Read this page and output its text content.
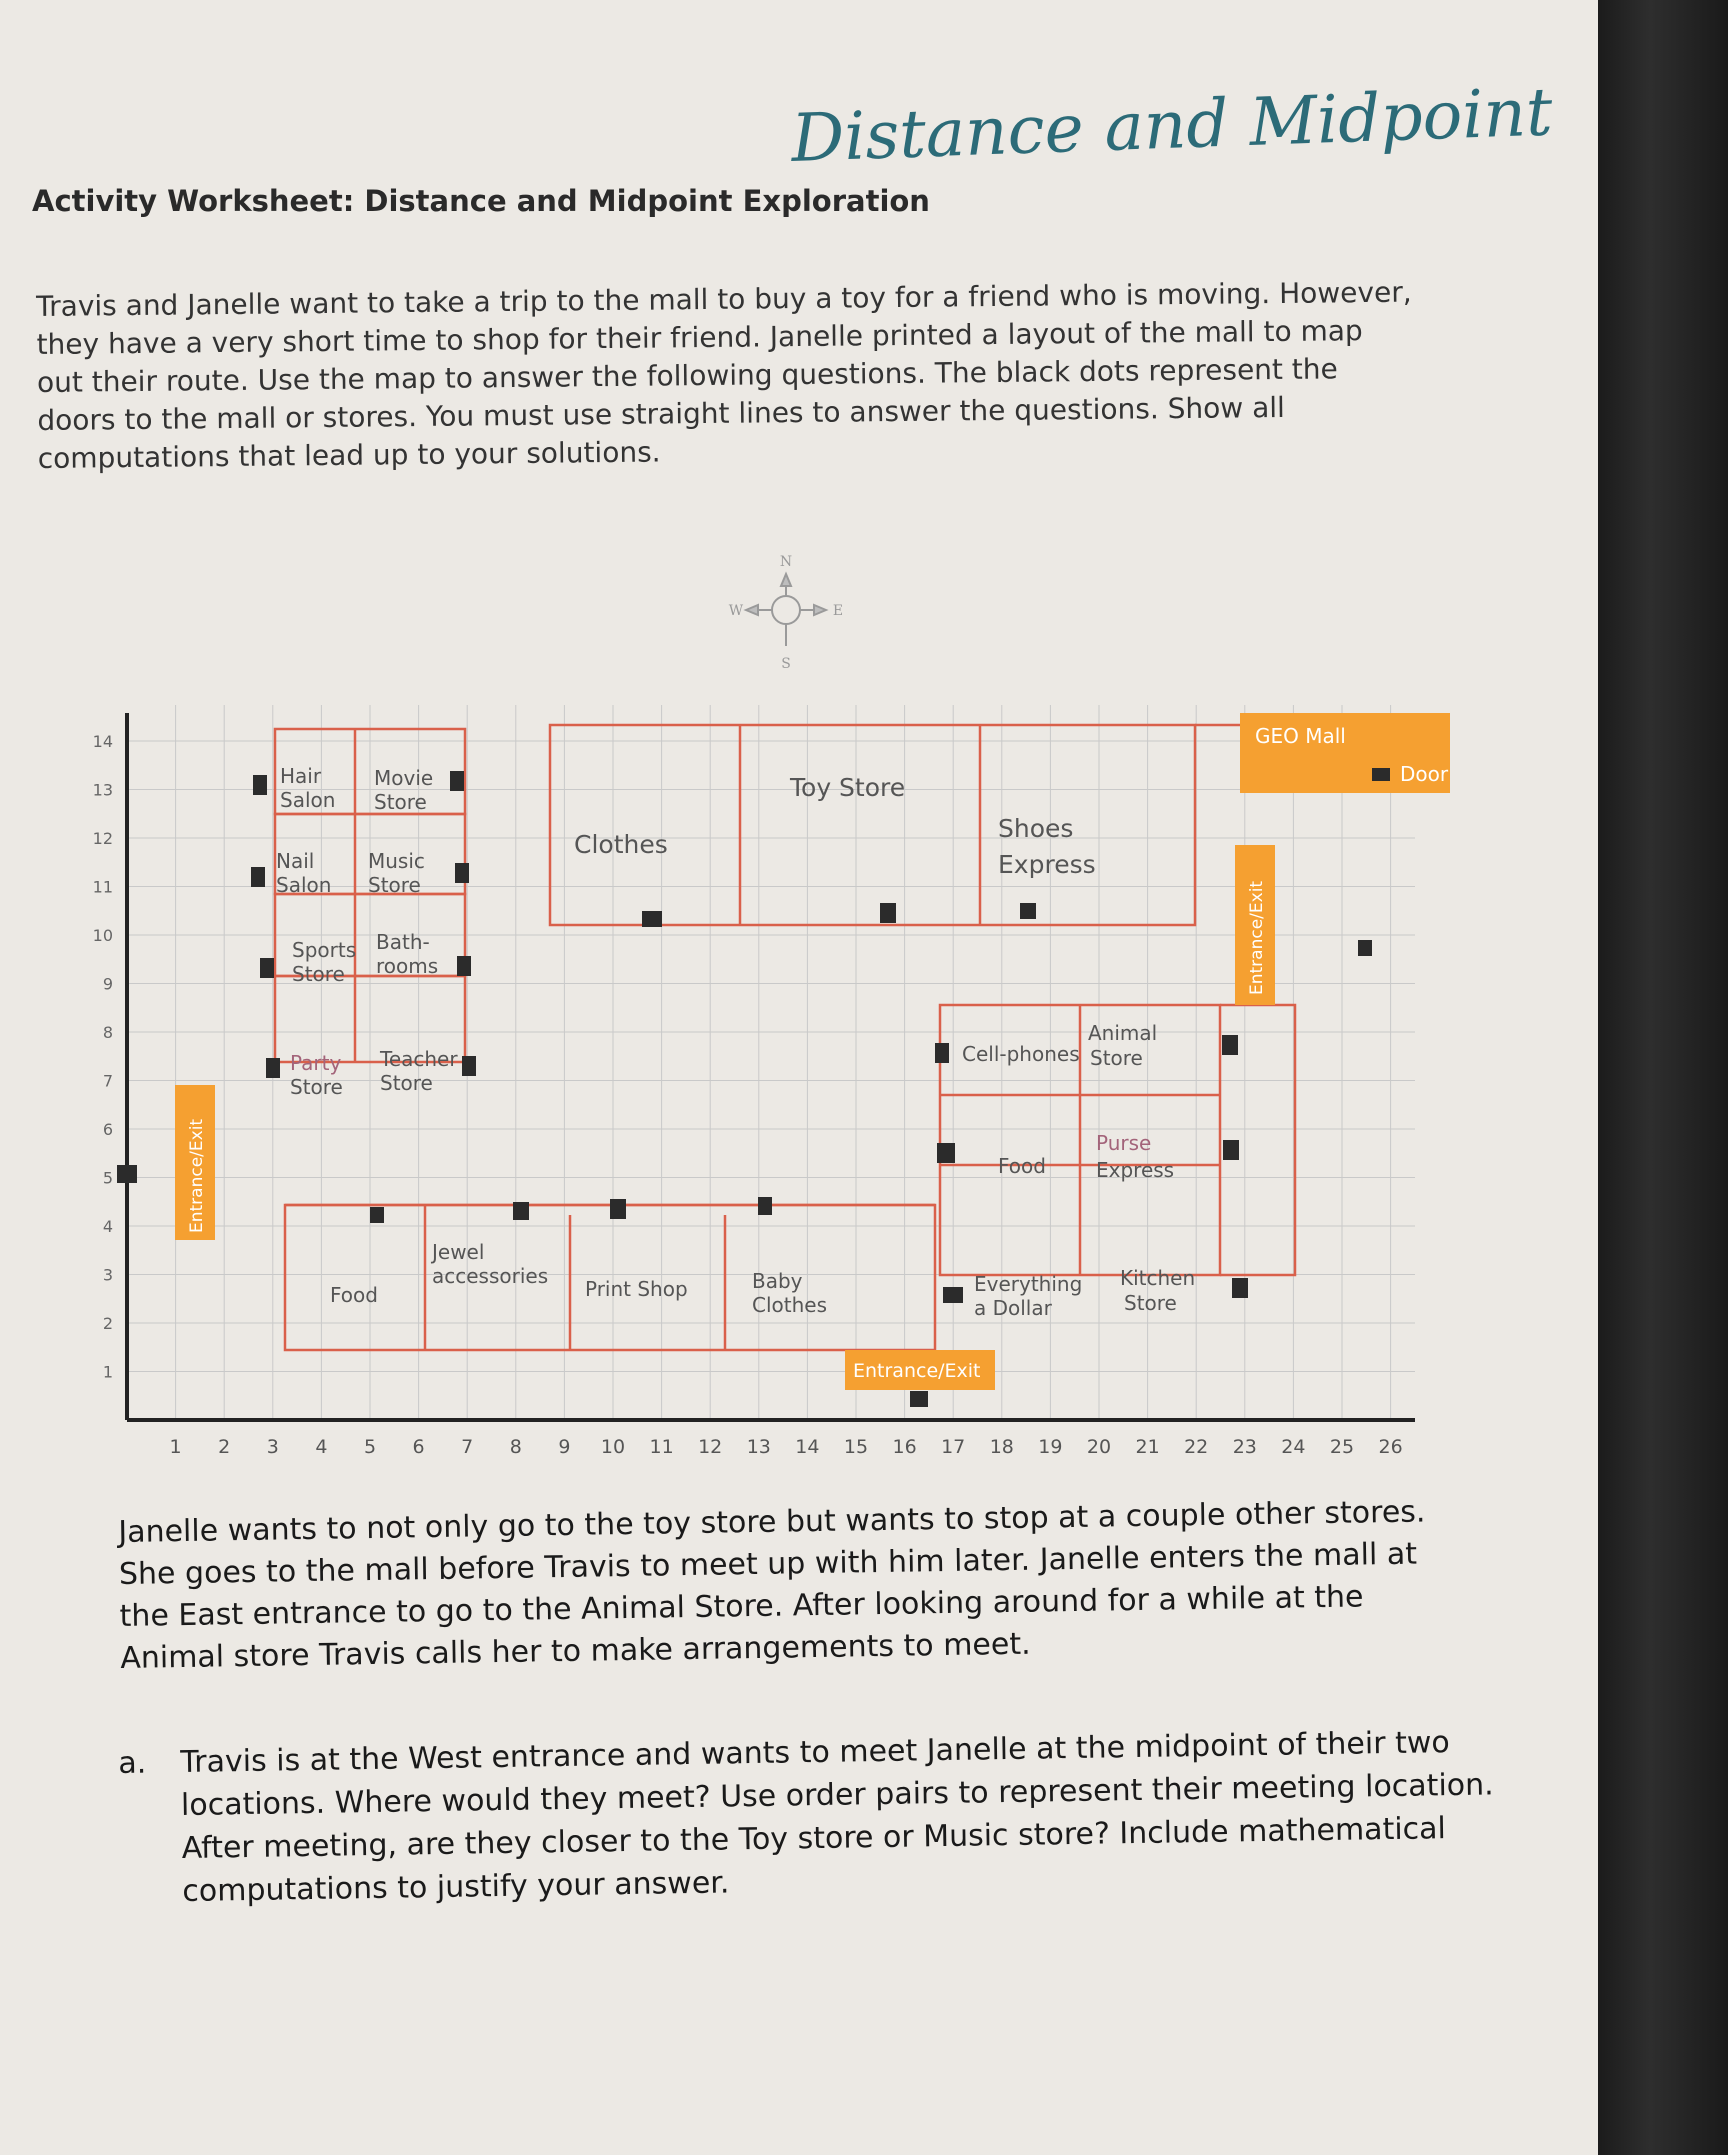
Distance and Midpoint
Activity Worksheet: Distance and Midpoint Exploration
Travis and Janelle want to take a trip to the mall to buy a toy for a friend who is moving. However, they have a very short time to shop for their friend. Janelle printed a layout of the mall to map out their route. Use the map to answer the following questions. The black dots represent the doors to the mall or stores. You must use straight lines to answer the questions. Show all computations that lead up to your solutions.
N
S
E
W
1 2 3 4 5 6 7 8 9 10 11 12 13 14 15 16 17 18 19 20 21 22 23 24 25 26
1
2
3
4
5
6
7
8
9
10
11
12
13
14	GEO Mall
Door
Entrance/Exit
Entrance/Exit
Entrance/Exit
Hair
Salon
Movie
Store
Nail
Salon
Music
Store
Sports
Store
Bath-
rooms
Party
Store
Teacher
Store
Clothes
Toy Store
Shoes
Express
Cell-phones
Animal
Store
Food
Purse
Express
Food
Jewel
accessories
Print Shop	Baby
Clothes
Everything
a Dollar
Kitchen
Store
Janelle wants to not only go to the toy store but wants to stop at a couple other stores. She goes to the mall before Travis to meet up with him later. Janelle enters the mall at the East entrance to go to the Animal Store. After looking around for a while at the Animal store Travis calls her to make arrangements to meet.
a.	Travis is at the West entrance and wants to meet Janelle at the midpoint of their two locations. Where would they meet? Use order pairs to represent their meeting location. After meeting, are they closer to the Toy store or Music store? Include mathematical computations to justify your answer.
